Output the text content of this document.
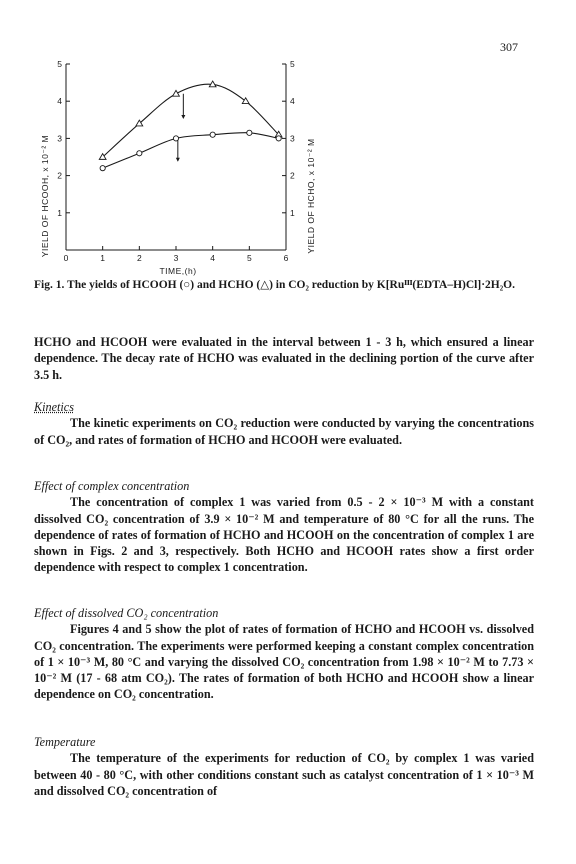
307
0	1	2	3	4	5	6
1
2
3
4
5
1
2
3
4
5
TIME,(h)
YIELD OF HCOOH, x 10⁻² M	YIELD OF HCHO, x 10⁻² M
Fig. 1. The yields of HCOOH (○) and HCHO (△) in CO₂ reduction by K[Ruᴵᴵᴵ(EDTA–H)Cl]·2H₂O.

HCHO and HCOOH were evaluated in the interval between 1 - 3 h, which ensured a linear dependence. The decay rate of HCHO was evaluated in the declining portion of the curve after 3.5 h.

Kinetics

The kinetic experiments on CO₂ reduction were conducted by varying the concentrations of CO₂, and rates of formation of HCHO and HCOOH were evaluated.

Effect of complex concentration

The concentration of complex 1 was varied from 0.5 - 2 × 10⁻³ M with a constant dissolved CO₂ concentration of 3.9 × 10⁻² M and temperature of 80 °C for all the runs. The dependence of rates of formation of HCHO and HCOOH on the concentration of complex 1 are shown in Figs. 2 and 3, respectively. Both HCHO and HCOOH rates show a first order dependence with respect to complex 1 concentration.

Effect of dissolved CO₂ concentration

Figures 4 and 5 show the plot of rates of formation of HCHO and HCOOH vs. dissolved CO₂ concentration. The experiments were performed keeping a constant complex concentration of 1 × 10⁻³ M, 80 °C and varying the dissolved CO₂ concentration from 1.98 × 10⁻² M to 7.73 × 10⁻² M (17 - 68 atm CO₂). The rates of formation of both HCHO and HCOOH show a linear dependence on CO₂ concentration.

Temperature

The temperature of the experiments for reduction of CO₂ by complex 1 was varied between 40 - 80 °C, with other conditions constant such as catalyst concentration of 1 × 10⁻³ M and dissolved CO₂ concentration of
